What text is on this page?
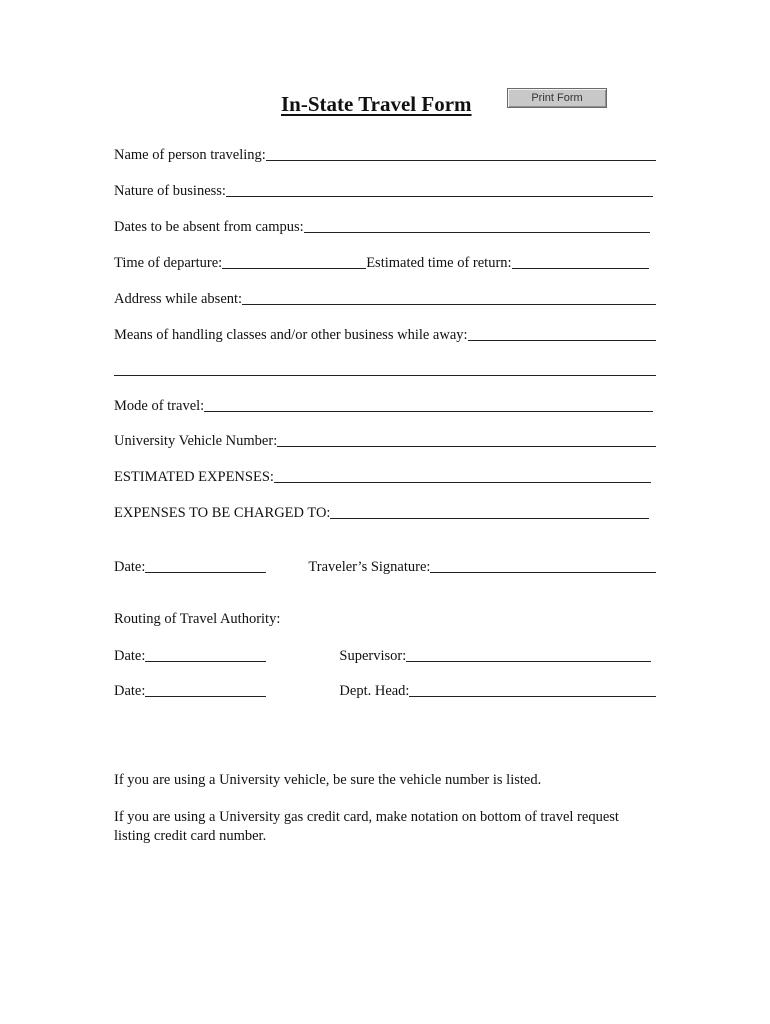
In-State Travel Form	Print Form
Name of person traveling:
Nature of business:
Dates to be absent from campus:
Time of departure:	Estimated time of return:
Address while absent:
Means of handling classes and/or other business while away:
Mode of travel:
University Vehicle Number:
ESTIMATED EXPENSES:
EXPENSES TO BE CHARGED TO:
Date:	Traveler’s Signature:
Routing of Travel Authority:
Date:	Supervisor:
Date:	Dept. Head:
If you are using a University vehicle, be sure the vehicle number is listed.
If you are using a University gas credit card, make notation on bottom of travel request listing credit card number.
